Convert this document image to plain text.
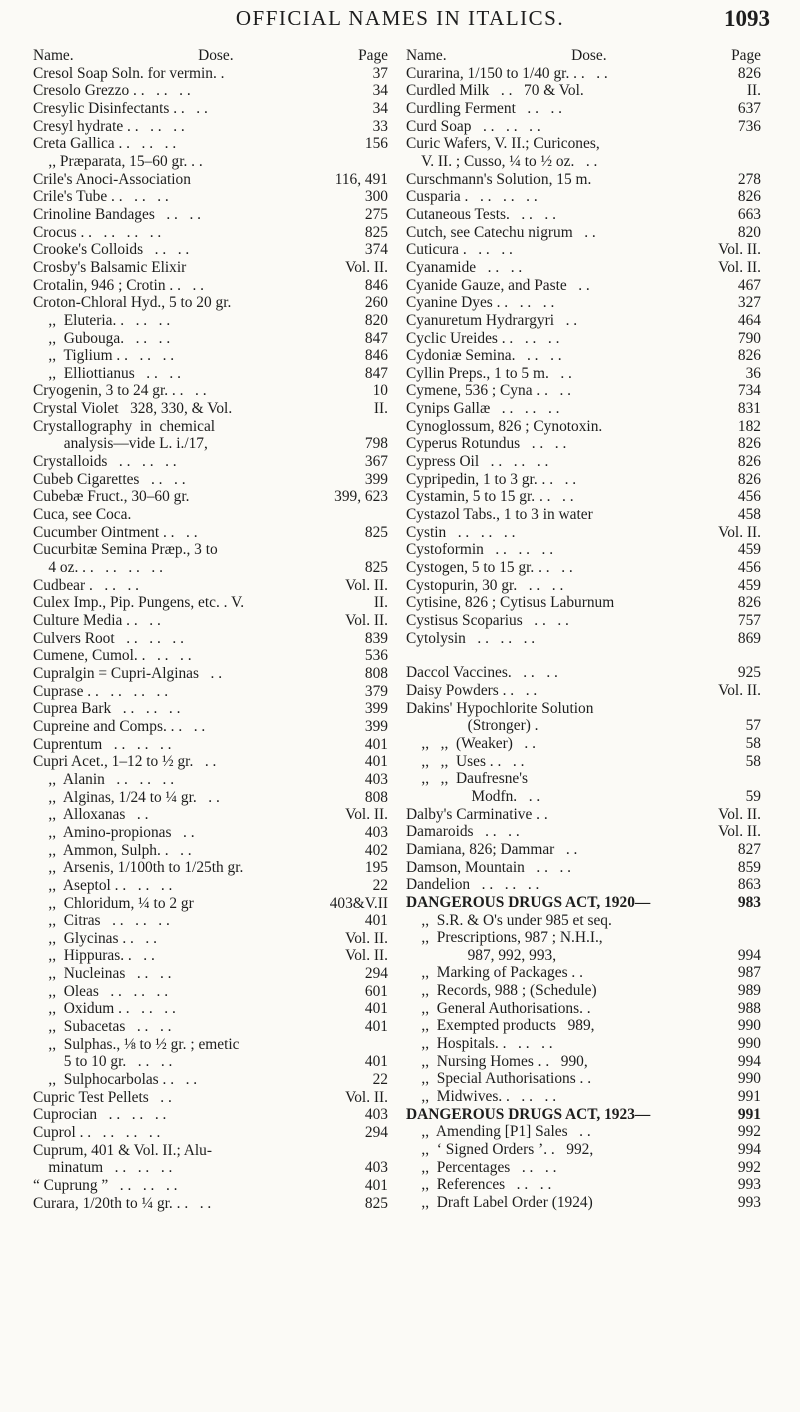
OFFICIAL NAMES IN ITALICS.	1093
Name.	Dose.	Page
Cresol Soap Soln. for vermin. .	37
Cresolo Grezzo . .   . .   . .	34
Cresylic Disinfectants . .   . .	34
Cresyl hydrate . .   . .   . .	33
Creta Gallica . .   . .   . .	156
,, Præparata, 15–60 gr. . .
Crile's Anoci-Association	116, 491
Crile's Tube . .   . .   . .	300
Crinoline Bandages   . .   . .	275
Crocus . .   . .   . .   . .	825
Crooke's Colloids   . .   . .	374
Crosby's Balsamic Elixir	Vol. II.
Crotalin, 946 ; Crotin . .   . .	846
Croton-Chloral Hyd., 5 to 20 gr.	260
,,  Eluteria. .   . .   . .	820
,,  Gubouga.   . .   . .	847
,,  Tiglium . .   . .   . .	846
,,  Elliottianus   . .   . .	847
Cryogenin, 3 to 24 gr. . .   . .	10
Crystal Violet   328, 330, & Vol.	II.
Crystallography  in  chemical
analysis—vide L. i./17,	798
Crystalloids   . .   . .   . .	367
Cubeb Cigarettes   . .   . .	399
Cubebæ Fruct., 30–60 gr.	399, 623
Cuca, see Coca.
Cucumber Ointment . .   . .	825
Cucurbitæ Semina Præp., 3 to
4 oz. . .   . .   . .   . .	825
Cudbear .   . .   . .	Vol. II.
Culex Imp., Pip. Pungens, etc. . V.	II.
Culture Media . .   . .	Vol. II.
Culvers Root   . .   . .   . .	839
Cumene, Cumol. .   . .   . .	536
Cupralgin = Cupri-Alginas   . .	808
Cuprase . .   . .   . .   . .	379
Cuprea Bark   . .   . .   . .	399
Cupreine and Comps. . .   . .	399
Cuprentum   . .   . .   . .	401
Cupri Acet., 1–12 to ½ gr.   . .	401
,,  Alanin   . .   . .   . .	403
,,  Alginas, 1/24 to ¼ gr.   . .	808
,,  Alloxanas   . .	Vol. II.
,,  Amino-propionas   . .	403
,,  Ammon, Sulph. .   . .	402
,,  Arsenis, 1/100th to 1/25th gr.	195
,,  Aseptol . .   . .   . .	22
,,  Chloridum, ¼ to 2 gr	403&V.II
,,  Citras   . .   . .   . .	401
,,  Glycinas . .   . .	Vol. II.
,,  Hippuras. .   . .	Vol. II.
,,  Nucleinas   . .   . .	294
,,  Oleas   . .   . .   . .	601
,,  Oxidum . .   . .   . .	401
,,  Subacetas   . .   . .	401
,,  Sulphas., ⅛ to ½ gr. ; emetic
5 to 10 gr.   . .   . .	401
,,  Sulphocarbolas . .   . .	22
Cupric Test Pellets   . .	Vol. II.
Cuprocian   . .   . .   . .	403
Cuprol . .   . .   . .   . .	294
Cuprum, 401 & Vol. II.; Alu-
minatum   . .   . .   . .	403
“ Cuprung ”   . .   . .   . .	401
Curara, 1/20th to ¼ gr. . .   . .	825
Name.	Dose.	Page
Curarina, 1/150 to 1/40 gr. . .   . .	826
Curdled Milk   . .   70 & Vol.	II.
Curdling Ferment   . .   . .	637
Curd Soap   . .   . .   . .	736
Curic Wafers, V. II.; Curicones,
V. II. ; Cusso, ¼ to ½ oz.   . .
Curschmann's Solution, 15 m.	278
Cusparia .   . .   . .   . .	826
Cutaneous Tests.   . .   . .	663
Cutch, see Catechu nigrum   . .	820
Cuticura .   . .   . .	Vol. II.
Cyanamide   . .   . .	Vol. II.
Cyanide Gauze, and Paste   . .	467
Cyanine Dyes . .   . .   . .	327
Cyanuretum Hydrargyri   . .	464
Cyclic Ureides . .   . .   . .	790
Cydoniæ Semina.   . .   . .	826
Cyllin Preps., 1 to 5 m.   . .	36
Cymene, 536 ; Cyna . .   . .	734
Cynips Gallæ   . .   . .   . .	831
Cynoglossum, 826 ; Cynotoxin.	182
Cyperus Rotundus   . .   . .	826
Cypress Oil   . .   . .   . .	826
Cypripedin, 1 to 3 gr. . .   . .	826
Cystamin, 5 to 15 gr. . .   . .	456
Cystazol Tabs., 1 to 3 in water	458
Cystin   . .   . .   . .	Vol. II.
Cystoformin   . .   . .   . .	459
Cystogen, 5 to 15 gr. . .   . .	456
Cystopurin, 30 gr.   . .   . .	459
Cytisine, 826 ; Cytisus Laburnum	826
Cystisus Scoparius   . .   . .	757
Cytolysin   . .   . .   . .	869
Daccol Vaccines.   . .   . .	925
Daisy Powders . .   . .	Vol. II.
Dakins' Hypochlorite Solution
(Stronger) .	57
,,   ,,  (Weaker)   . .	58
,,   ,,  Uses . .   . .	58
,,   ,,  Daufresne's
Modfn.   . .	59
Dalby's Carminative . .	Vol. II.
Damaroids   . .   . .	Vol. II.
Damiana, 826; Dammar   . .	827
Damson, Mountain   . .   . .	859
Dandelion   . .   . .   . .	863
DANGEROUS DRUGS ACT, 1920—	983
,,  S.R. & O's under 985 et seq.
,,  Prescriptions, 987 ; N.H.I.,
987, 992, 993,	994
,,  Marking of Packages . .	987
,,  Records, 988 ; (Schedule)	989
,,  General Authorisations. .	988
,,  Exempted products   989,	990
,,  Hospitals. .   . .   . .	990
,,  Nursing Homes . .   990,	994
,,  Special Authorisations . .	990
,,  Midwives. .   . .   . .	991
DANGEROUS DRUGS ACT, 1923—	991
,,  Amending [P1] Sales   . .	992
,,  ‘ Signed Orders ’. .   992,	994
,,  Percentages   . .   . .	992
,,  References   . .   . .	993
,,  Draft Label Order (1924)	993
